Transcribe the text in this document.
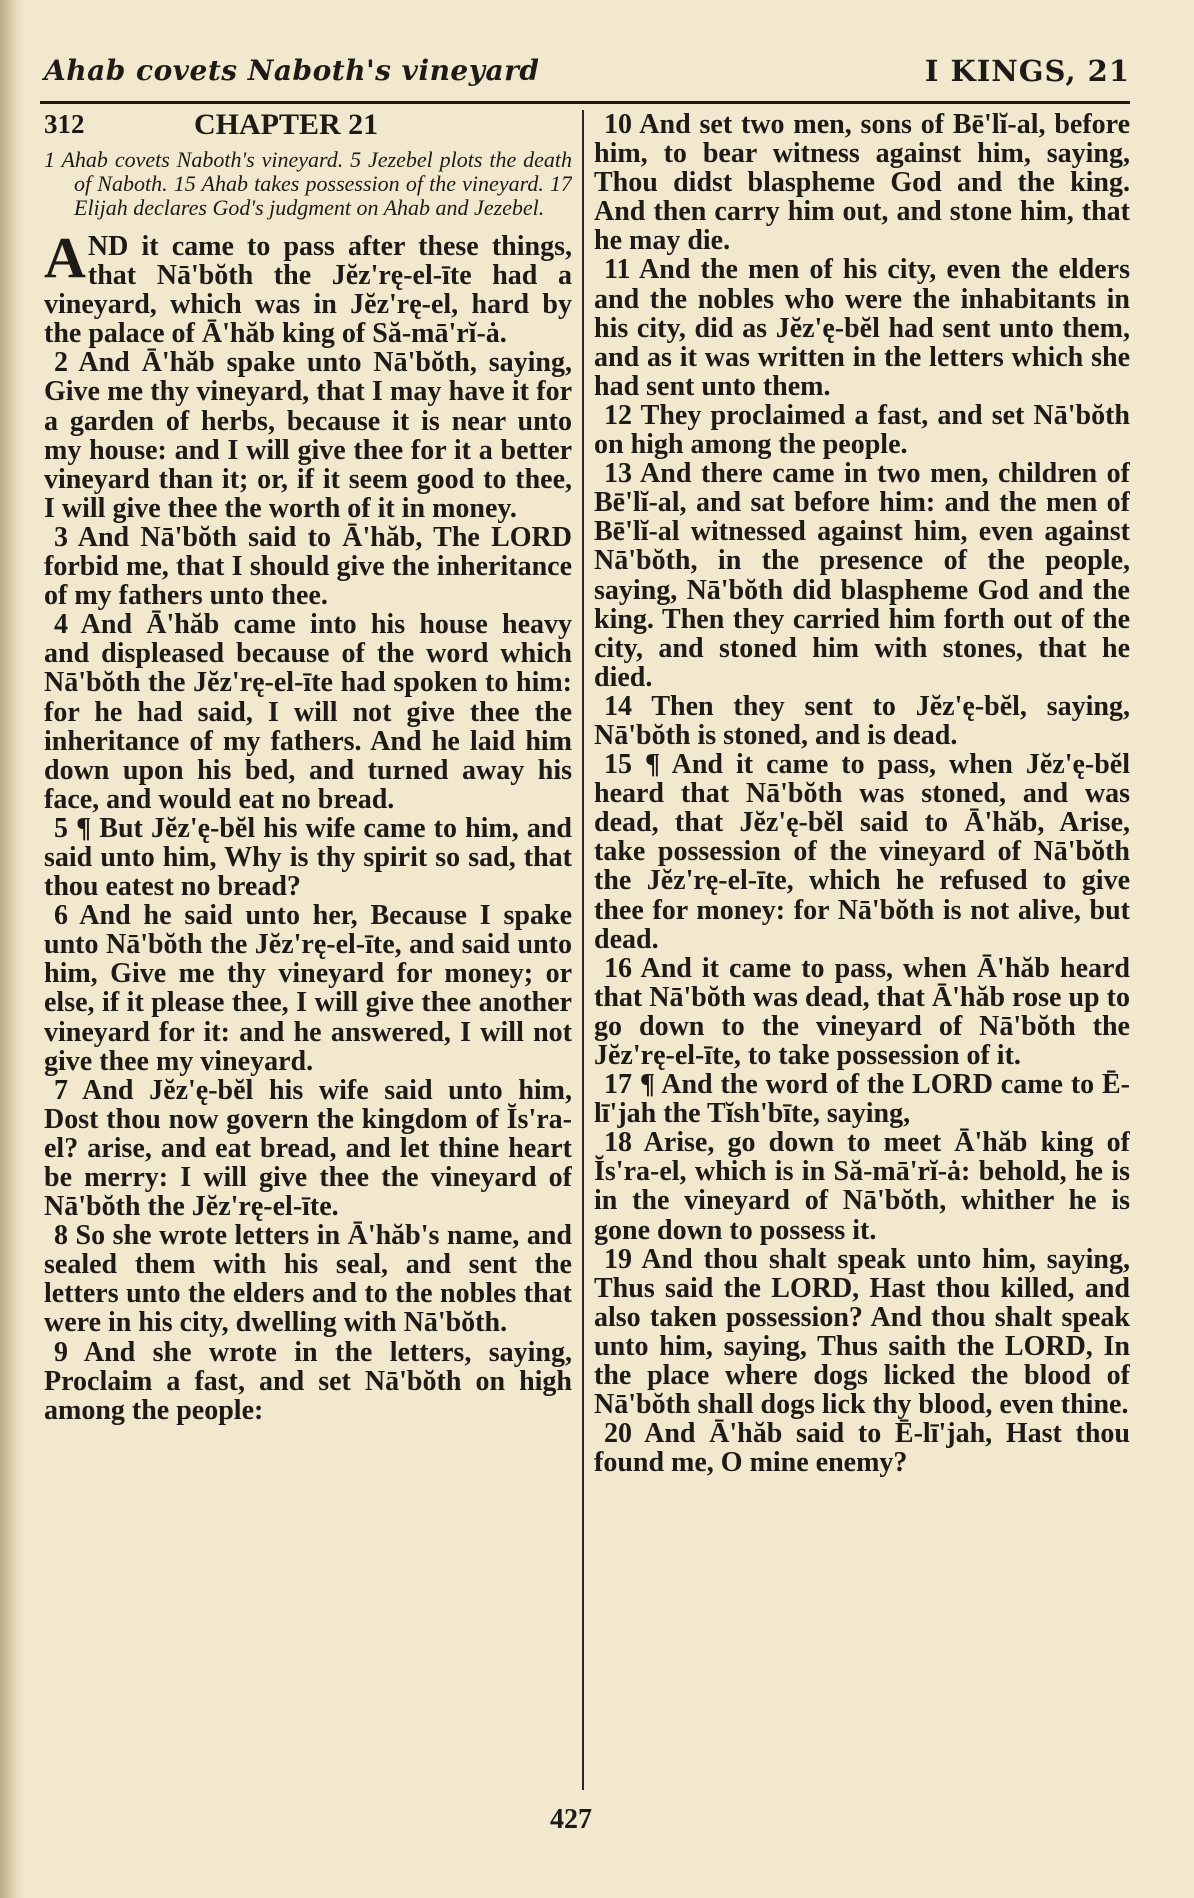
Ahab covets Naboth's vineyard	I KINGS, 21
312	CHAPTER 21

1 Ahab covets Naboth's vineyard. 5 Jezebel plots the death of Naboth. 15 Ahab takes possession of the vineyard. 17 Elijah declares God's judgment on Ahab and Jezebel.

AND it came to pass after these things, that Nā'bŏth the Jĕz'rę-el-īte had a vineyard, which was in Jĕz'rę-el, hard by the palace of Ā'hăb king of Să-mā'rĭ-ȧ.

2 And Ā'hăb spake unto Nā'bŏth, saying, Give me thy vineyard, that I may have it for a garden of herbs, because it is near unto my house: and I will give thee for it a better vineyard than it; or, if it seem good to thee, I will give thee the worth of it in money.

3 And Nā'bŏth said to Ā'hăb, The LORD forbid me, that I should give the inheritance of my fathers unto thee.

4 And Ā'hăb came into his house heavy and displeased because of the word which Nā'bŏth the Jĕz'rę-el-īte had spoken to him: for he had said, I will not give thee the inheritance of my fathers. And he laid him down upon his bed, and turned away his face, and would eat no bread.

5 ¶ But Jĕz'ę-bĕl his wife came to him, and said unto him, Why is thy spirit so sad, that thou eatest no bread?

6 And he said unto her, Because I spake unto Nā'bŏth the Jĕz'rę-el-īte, and said unto him, Give me thy vineyard for money; or else, if it please thee, I will give thee another vineyard for it: and he answered, I will not give thee my vineyard.

7 And Jĕz'ę-bĕl his wife said unto him, Dost thou now govern the kingdom of Ĭs'ra-el? arise, and eat bread, and let thine heart be merry: I will give thee the vineyard of Nā'bŏth the Jĕz'rę-el-īte.

8 So she wrote letters in Ā'hăb's name, and sealed them with his seal, and sent the letters unto the elders and to the nobles that were in his city, dwelling with Nā'bŏth.

9 And she wrote in the letters, saying, Proclaim a fast, and set Nā'bŏth on high among the people:

10 And set two men, sons of Bē'lĭ-al, before him, to bear witness against him, saying, Thou didst blaspheme God and the king. And then carry him out, and stone him, that he may die.

11 And the men of his city, even the elders and the nobles who were the inhabitants in his city, did as Jĕz'ę-bĕl had sent unto them, and as it was written in the letters which she had sent unto them.

12 They proclaimed a fast, and set Nā'bŏth on high among the people.

13 And there came in two men, children of Bē'lĭ-al, and sat before him: and the men of Bē'lĭ-al witnessed against him, even against Nā'bŏth, in the presence of the people, saying, Nā'bŏth did blaspheme God and the king. Then they carried him forth out of the city, and stoned him with stones, that he died.

14 Then they sent to Jĕz'ę-bĕl, saying, Nā'bŏth is stoned, and is dead.

15 ¶ And it came to pass, when Jĕz'ę-bĕl heard that Nā'bŏth was stoned, and was dead, that Jĕz'ę-bĕl said to Ā'hăb, Arise, take possession of the vineyard of Nā'bŏth the Jĕz'rę-el-īte, which he refused to give thee for money: for Nā'bŏth is not alive, but dead.

16 And it came to pass, when Ā'hăb heard that Nā'bŏth was dead, that Ā'hăb rose up to go down to the vineyard of Nā'bŏth the Jĕz'rę-el-īte, to take possession of it.

17 ¶ And the word of the LORD came to Ē-lī'jah the Tĭsh'bīte, saying,

18 Arise, go down to meet Ā'hăb king of Ĭs'ra-el, which is in Să-mā'rĭ-ȧ: behold, he is in the vineyard of Nā'bŏth, whither he is gone down to possess it.

19 And thou shalt speak unto him, saying, Thus said the LORD, Hast thou killed, and also taken possession? And thou shalt speak unto him, saying, Thus saith the LORD, In the place where dogs licked the blood of Nā'bŏth shall dogs lick thy blood, even thine.

20 And Ā'hăb said to Ē-lī'jah, Hast thou found me, O mine enemy?

427
